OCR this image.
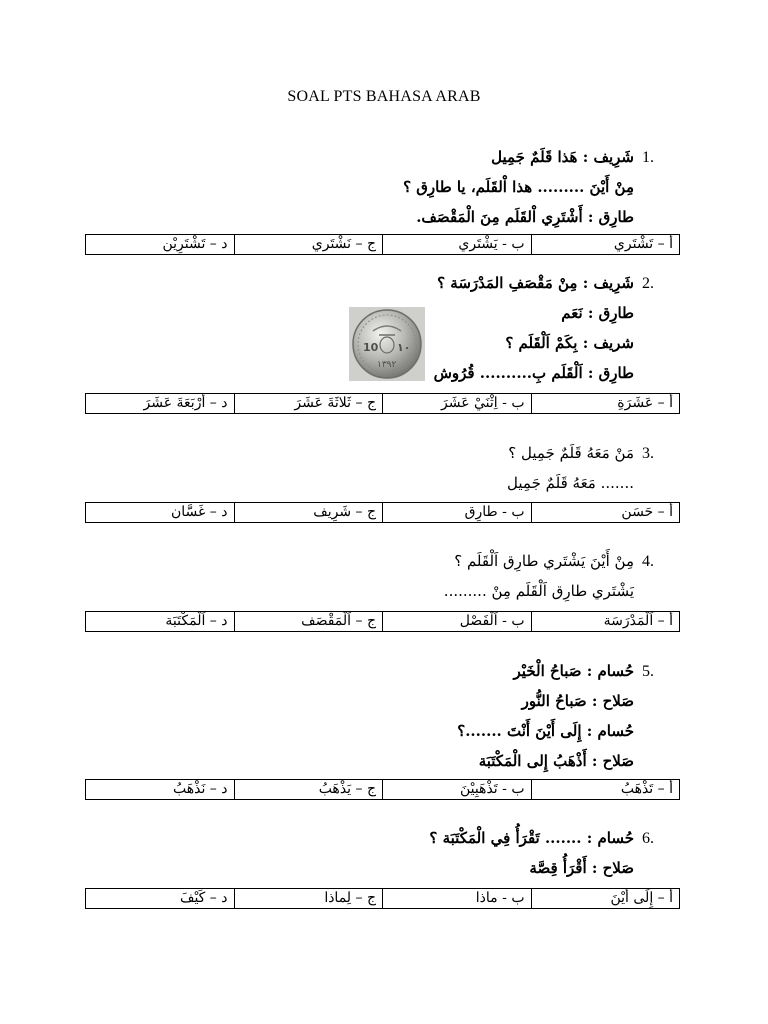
SOAL PTS BAHASA ARAB
1.شَرِيف : هَذا قَلَمٌ جَمِيل
مِنْ أَيْنَ ......... هذا اْلقَلَم، يا طارِق ؟
طارِق : أَشْتَرِي اْلقَلَم مِنَ الْمَقْصَف.
أ – تَشْتَري	ب - يَشْتَري	ج – نَشْتَري	د – تَشْتَرِيْن
2.شَرِيف : مِنْ مَقْصَفِ المَدْرَسَة ؟
طارِق : نَعَم
شريف : بِكَمْ اَلْقَلَم ؟
طارِق : اَلْقَلَم بِ.......... قُرُوش
10 ١٠
١٣٩٢
أ – عَشَرَةِ	ب - اِثْنَيْ عَشَرَ	ج – ثَلاثَةَ عَشَرَ	د – أَرْبَعَةَ عَشَرَ
3.مَنْ مَعَهُ قَلَمٌ جَمِيل ؟
....... مَعَهُ قَلَمٌ جَمِيل
أ – حَسَن	ب - طارِق	ج – شَرِيف	د – غَسَّان
4.مِنْ أَيْنَ يَشْتَري طارِق اَلْقَلَم ؟
يَشْتَري طارِق اَلْقَلَم مِنْ .........
أ – اَلْمَدْرَسَة	ب - اَلْفَصْل	ج – اَلْمَقْصَف	د – اَلْمَكْتَبَة
5.حُسام : صَباحُ الْخَيْر
صَلاح : صَباحُ النُّور
حُسام : إِلَى أَيْنَ أَنْتَ .......؟
صَلاح : أَذْهَبُ إِلى الْمَكْتَبَة
أ – تَذْهَبُ	ب - تَذْهَبِيْنَ	ج – يَذْهَبُ	د – نَذْهَبُ
6.حُسام : ....... تَقْرَأُ فِي الْمَكْتَبَة ؟
صَلاح : أَقْرَأُ قِصَّة
أ – إِلَى أَيْنَ	ب - ماذا	ج – لِماذا	د – كَيْفَ
